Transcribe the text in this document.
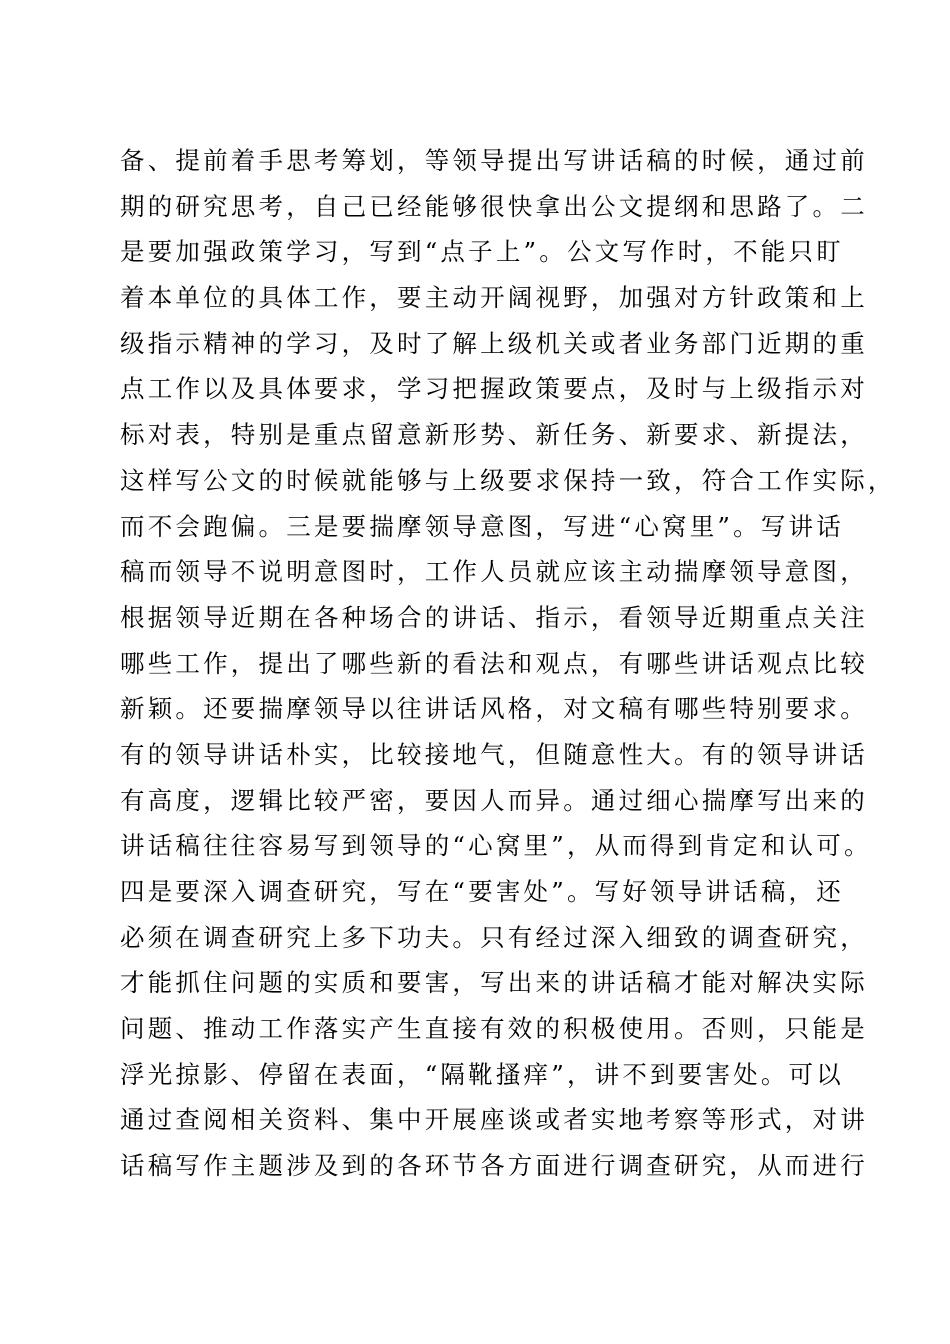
备、提前着手思考筹划，等领导提出写讲话稿的时候，通过前
期的研究思考，自己已经能够很快拿出公文提纲和思路了。二
是要加强政策学习，写到“点子上”。公文写作时，不能只盯
着本单位的具体工作，要主动开阔视野，加强对方针政策和上
级指示精神的学习，及时了解上级机关或者业务部门近期的重
点工作以及具体要求，学习把握政策要点，及时与上级指示对
标对表，特别是重点留意新形势、新任务、新要求、新提法，
这样写公文的时候就能够与上级要求保持一致，符合工作实际，
而不会跑偏。三是要揣摩领导意图，写进“心窝里”。写讲话
稿而领导不说明意图时，工作人员就应该主动揣摩领导意图，
根据领导近期在各种场合的讲话、指示，看领导近期重点关注
哪些工作，提出了哪些新的看法和观点，有哪些讲话观点比较
新颖。还要揣摩领导以往讲话风格，对文稿有哪些特别要求。
有的领导讲话朴实，比较接地气，但随意性大。有的领导讲话
有高度，逻辑比较严密，要因人而异。通过细心揣摩写出来的
讲话稿往往容易写到领导的“心窝里”，从而得到肯定和认可。
四是要深入调查研究，写在“要害处”。写好领导讲话稿，还
必须在调查研究上多下功夫。只有经过深入细致的调查研究，
才能抓住问题的实质和要害，写出来的讲话稿才能对解决实际
问题、推动工作落实产生直接有效的积极使用。否则，只能是
浮光掠影、停留在表面，“隔靴搔痒”，讲不到要害处。可以
通过查阅相关资料、集中开展座谈或者实地考察等形式，对讲
话稿写作主题涉及到的各环节各方面进行调查研究，从而进行
